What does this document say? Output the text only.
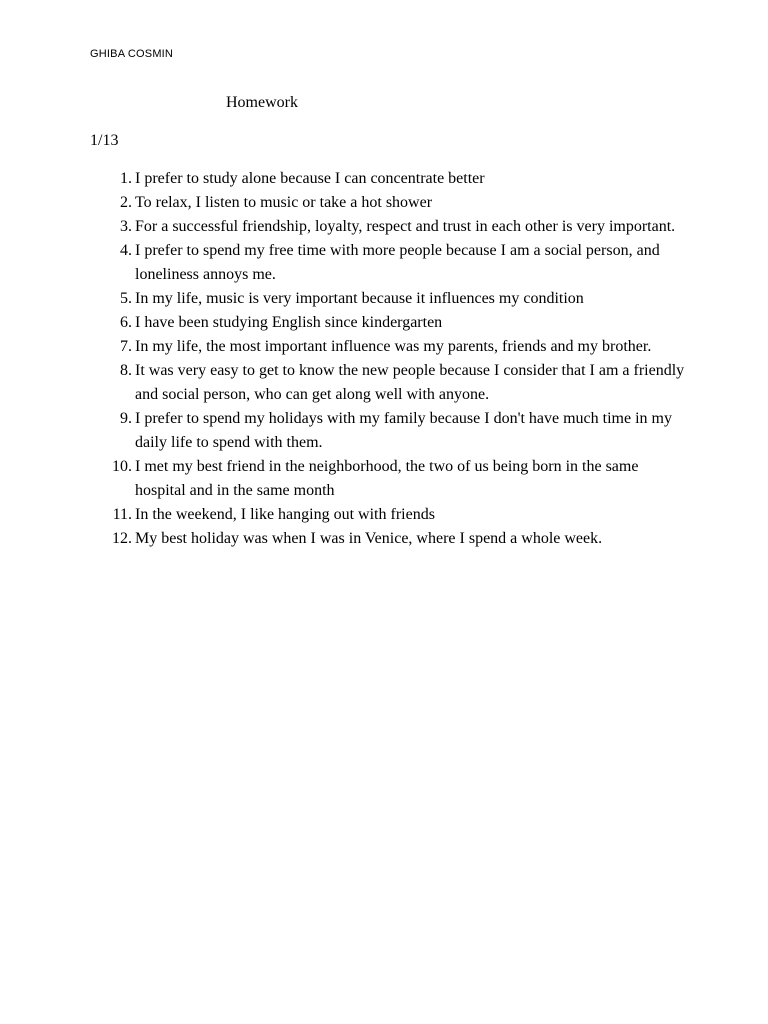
GHIBA COSMIN
Homework
1/13
1. I prefer to study alone because I can concentrate better
2. To relax, I listen to music or take a hot shower
3. For a successful friendship, loyalty, respect and trust in each other is very important.
4. I prefer to spend my free time with more people because I am a social person, and loneliness annoys me.
5. In my life, music is very important because it influences my condition
6. I have been studying English since kindergarten
7. In my life, the most important influence was my parents, friends and my brother.
8. It was very easy to get to know the new people because I consider that I am a friendly and social person, who can get along well with anyone.
9. I prefer to spend my holidays with my family because I don't have much time in my daily life to spend with them.
10. I met my best friend in the neighborhood, the two of us being born in the same hospital and in the same month
11. In the weekend, I like hanging out with friends
12. My best holiday was when I was in Venice, where I spend a whole week.
